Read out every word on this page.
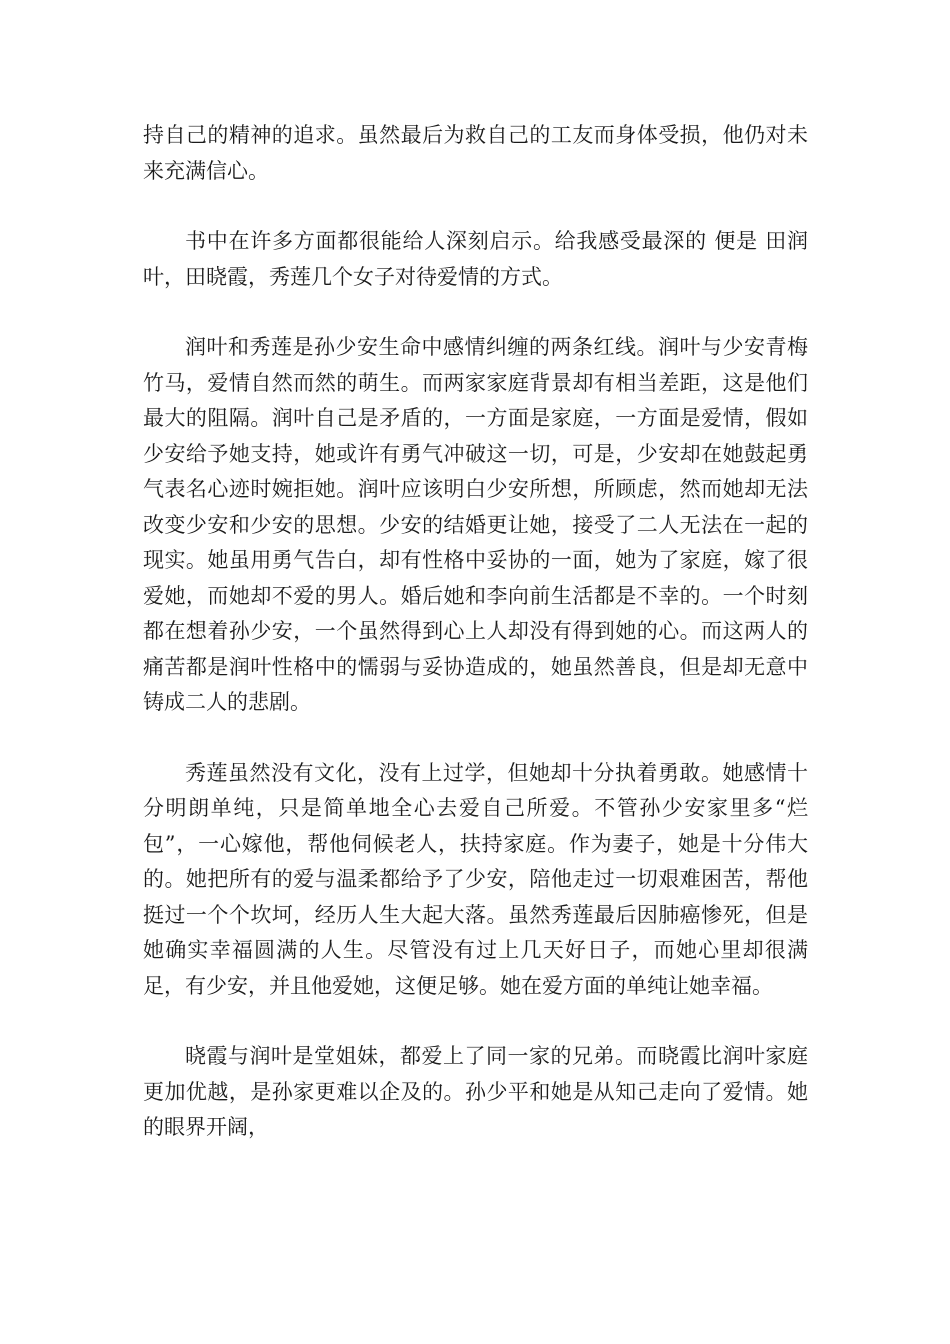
持自己的精神的追求。虽然最后为救自己的工友而身体受损，他仍对未来充满信心。

书中在许多方面都很能给人深刻启示。给我感受最深的 便是 田润叶，田晓霞，秀莲几个女子对待爱情的方式。

润叶和秀莲是孙少安生命中感情纠缠的两条红线。润叶与少安青梅竹马，爱情自然而然的萌生。而两家家庭背景却有相当差距，这是他们最大的阻隔。润叶自己是矛盾的，一方面是家庭，一方面是爱情，假如少安给予她支持，她或许有勇气冲破这一切，可是，少安却在她鼓起勇气表名心迹时婉拒她。润叶应该明白少安所想，所顾虑，然而她却无法改变少安和少安的思想。少安的结婚更让她，接受了二人无法在一起的现实。她虽用勇气告白，却有性格中妥协的一面，她为了家庭，嫁了很爱她，而她却不爱的男人。婚后她和李向前生活都是不幸的。一个时刻都在想着孙少安，一个虽然得到心上人却没有得到她的心。而这两人的痛苦都是润叶性格中的懦弱与妥协造成的，她虽然善良，但是却无意中铸成二人的悲剧。

秀莲虽然没有文化，没有上过学，但她却十分执着勇敢。她感情十分明朗单纯，只是简单地全心去爱自己所爱。不管孙少安家里多“烂包”，一心嫁他，帮他伺候老人，扶持家庭。作为妻子，她是十分伟大的。她把所有的爱与温柔都给予了少安，陪他走过一切艰难困苦，帮他挺过一个个坎坷，经历人生大起大落。虽然秀莲最后因肺癌惨死，但是她确实幸福圆满的人生。尽管没有过上几天好日子，而她心里却很满足，有少安，并且他爱她，这便足够。她在爱方面的单纯让她幸福。

晓霞与润叶是堂姐妹，都爱上了同一家的兄弟。而晓霞比润叶家庭更加优越，是孙家更难以企及的。孙少平和她是从知己走向了爱情。她的眼界开阔，
